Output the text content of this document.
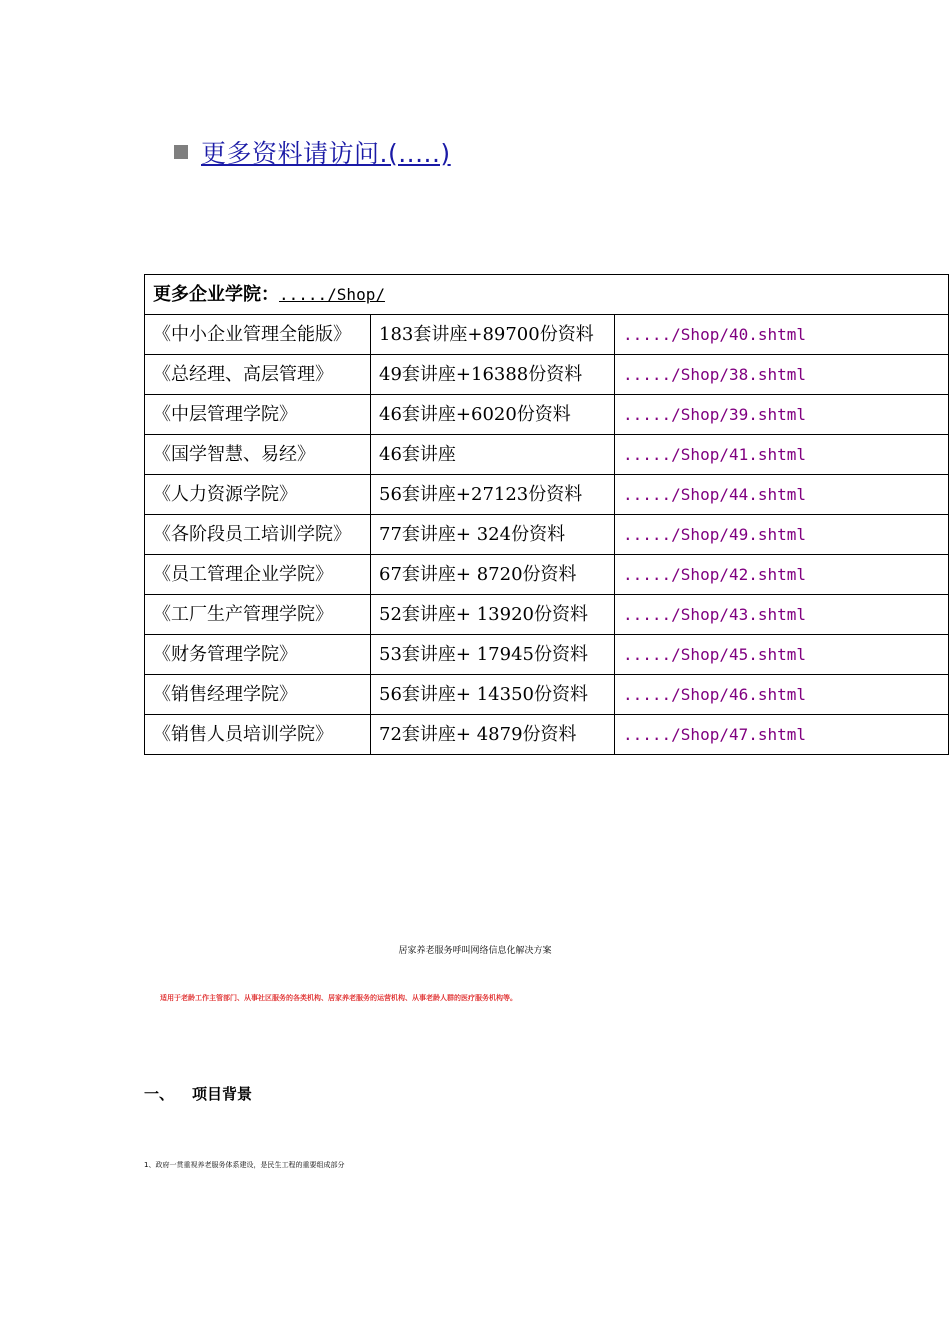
更多资料请访问.(.....)
更多企业学院：...../Shop/		
《中小企业管理全能版》	183套讲座+89700份资料	...../Shop/40.shtml
《总经理、高层管理》	49套讲座+16388份资料	...../Shop/38.shtml
《中层管理学院》	46套讲座+6020份资料	...../Shop/39.shtml
《国学智慧、易经》	46套讲座	...../Shop/41.shtml
《人力资源学院》	56套讲座+27123份资料	...../Shop/44.shtml
《各阶段员工培训学院》	77套讲座+ 324份资料	...../Shop/49.shtml
《员工管理企业学院》	67套讲座+ 8720份资料	...../Shop/42.shtml
《工厂生产管理学院》	52套讲座+ 13920份资料	...../Shop/43.shtml
《财务管理学院》	53套讲座+ 17945份资料	...../Shop/45.shtml
《销售经理学院》	56套讲座+ 14350份资料	...../Shop/46.shtml
《销售人员培训学院》	72套讲座+ 4879份资料	...../Shop/47.shtml
居家养老服务呼叫网络信息化解决方案
适用于老龄工作主管部门、从事社区服务的各类机构、居家养老服务的运营机构、从事老龄人群的医疗服务机构等。
一、	项目背景
1、政府一贯重视养老服务体系建设，是民生工程的重要组成部分
